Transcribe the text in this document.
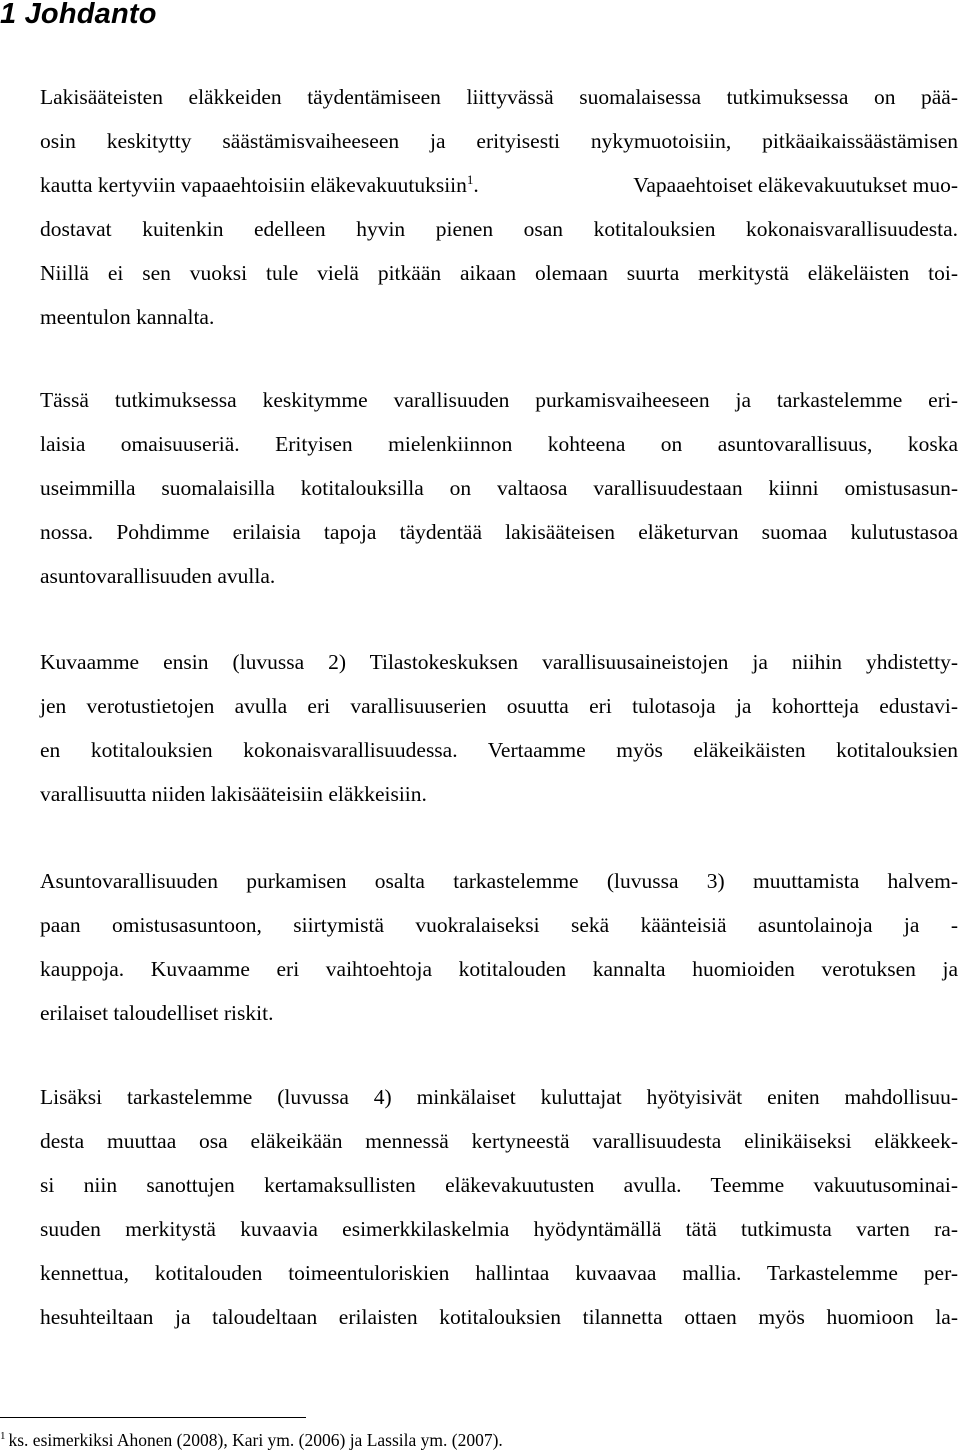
1 Johdanto
Lakisääteisten eläkkeiden täydentämiseen liittyvässä suomalaisessa tutkimuksessa on pää-
osin keskitytty säästämisvaiheeseen ja erityisesti nykymuotoisiin, pitkäaikaissäästämisen
kautta kertyviin vapaaehtoisiin eläkevakuutuksiin$^1$.	Vapaaehtoiset eläkevakuutukset muo-
dostavat kuitenkin edelleen hyvin pienen osan kotitalouksien kokonaisvarallisuudesta.
Niillä ei sen vuoksi tule vielä pitkään aikaan olemaan suurta merkitystä eläkeläisten toi-
meentulon kannalta.
Tässä tutkimuksessa keskitymme varallisuuden purkamisvaiheeseen ja tarkastelemme eri-
laisia omaisuuseriä. Erityisen mielenkiinnon kohteena on asuntovarallisuus, koska
useimmilla suomalaisilla kotitalouksilla on valtaosa varallisuudestaan kiinni omistusasun-
nossa. Pohdimme erilaisia tapoja täydentää lakisääteisen eläketurvan suomaa kulutustasoa
asuntovarallisuuden avulla.
Kuvaamme ensin (luvussa 2) Tilastokeskuksen varallisuusaineistojen ja niihin yhdistetty-
jen verotustietojen avulla eri varallisuuserien osuutta eri tulotasoja ja kohortteja edustavi-
en kotitalouksien kokonaisvarallisuudessa. Vertaamme myös eläkeikäisten kotitalouksien
varallisuutta niiden lakisääteisiin eläkkeisiin.
Asuntovarallisuuden purkamisen osalta tarkastelemme (luvussa 3) muuttamista halvem-
paan omistusasuntoon, siirtymistä vuokralaiseksi sekä käänteisiä asuntolainoja ja -
kauppoja. Kuvaamme eri vaihtoehtoja kotitalouden kannalta huomioiden verotuksen ja
erilaiset taloudelliset riskit.
Lisäksi tarkastelemme (luvussa 4) minkälaiset kuluttajat hyötyisivät eniten mahdollisuu-
desta muuttaa osa eläkeikään mennessä kertyneestä varallisuudesta elinikäiseksi eläkkeek-
si niin sanottujen kertamaksullisten eläkevakuutusten avulla. Teemme vakuutusominai-
suuden merkitystä kuvaavia esimerkkilaskelmia hyödyntämällä tätä tutkimusta varten ra-
kennettua, kotitalouden toimeentuloriskien hallintaa kuvaavaa mallia. Tarkastelemme per-
hesuhteiltaan ja taloudeltaan erilaisten kotitalouksien tilannetta ottaen myös huomioon la-

$^1$ ks. esimerkiksi Ahonen (2008), Kari ym. (2006) ja Lassila ym. (2007).
